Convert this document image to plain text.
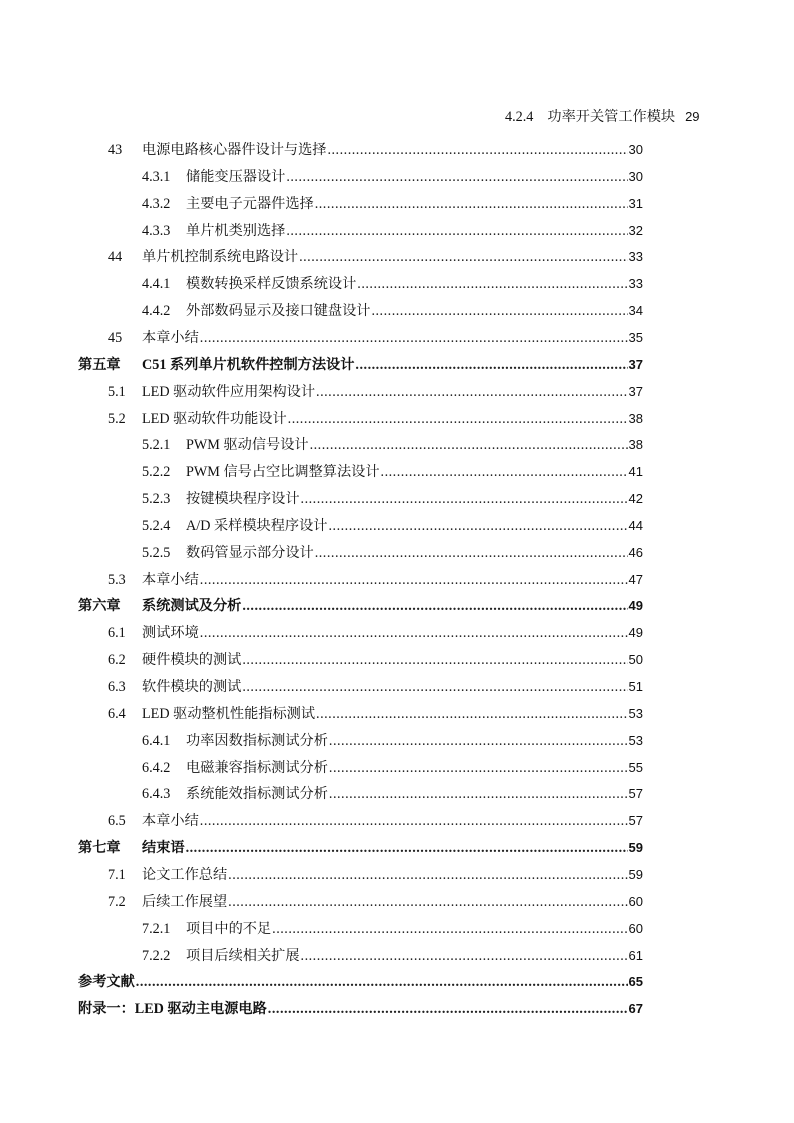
4.2.4 功率开关管工作模块 29
43 电源电路核心器件设计与选择 .....	30
4.3.1 储能变压器设计 .....	30
4.3.2 主要电子元器件选择 .....	31
4.3.3 单片机类别选择 .....	32
44 单片机控制系统电路设计 .....	33
4.4.1 模数转换采样反馈系统设计 .....	33
4.4.2 外部数码显示及接口键盘设计 .....	34
45 本章小结 .....	35
第五章 C51 系列单片机软件控制方法设计 .....	37
5.1 LED 驱动软件应用架构设计 .....	37
5.2 LED 驱动软件功能设计 .....	38
5.2.1 PWM 驱动信号设计 .....	38
5.2.2 PWM 信号占空比调整算法设计 .....	41
5.2.3 按键模块程序设计 .....	42
5.2.4 A/D 采样模块程序设计 .....	44
5.2.5 数码管显示部分设计 .....	46
5.3 本章小结 .....	47
第六章 系统测试及分析 .....	49
6.1 测试环境 .....	49
6.2 硬件模块的测试 .....	50
6.3 软件模块的测试 .....	51
6.4 LED 驱动整机性能指标测试 .....	53
6.4.1 功率因数指标测试分析 .....	53
6.4.2 电磁兼容指标测试分析 .....	55
6.4.3 系统能效指标测试分析 .....	57
6.5 本章小结 .....	57
第七章 结束语 .....	59
7.1 论文工作总结 .....	59
7.2 后续工作展望 .....	60
7.2.1 项目中的不足 .....	60
7.2.2 项目后续相关扩展 .....	61
参考文献 .....	65
附录一：LED 驱动主电源电路 .....	67
